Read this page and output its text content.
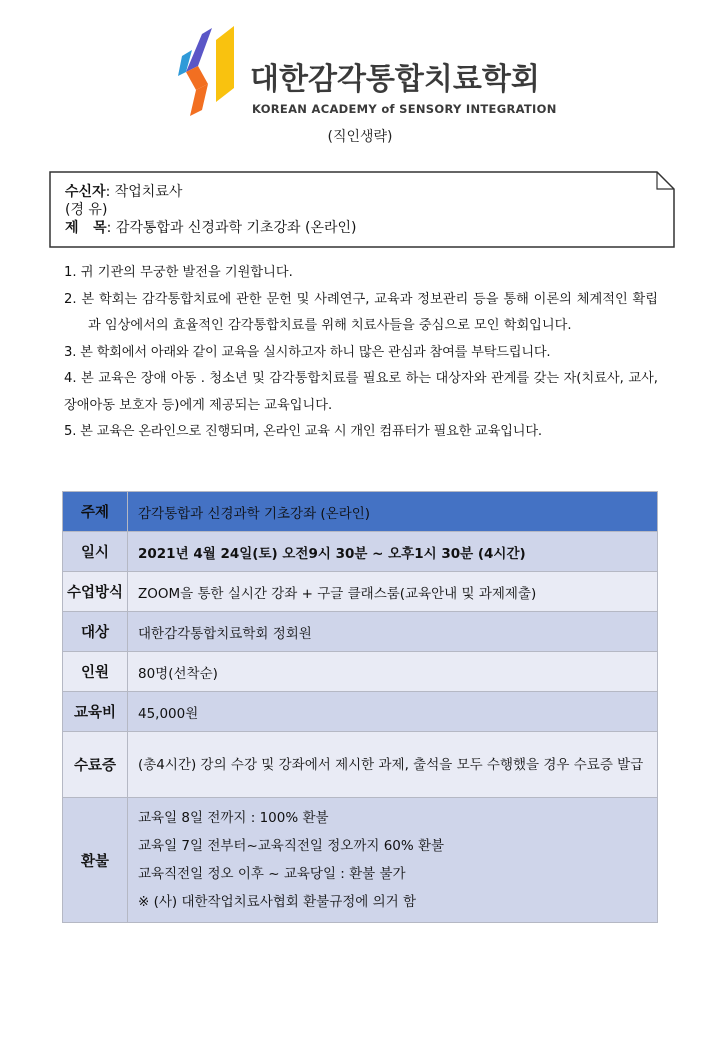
대한감각통합치료학회
KOREAN ACADEMY of SENSORY INTEGRATION
(직인생략)
수신자: 작업치료사
(경 유)
제   목: 감각통합과 신경과학 기초강좌 (온라인)

1. 귀 기관의 무궁한 발전을 기원합니다.

2. 본 학회는 감각통합치료에 관한 문헌 및 사례연구, 교육과 정보관리 등을 통해 이론의 체계적인 확립과 임상에서의 효율적인 감각통합치료를 위해 치료사들을 중심으로 모인 학회입니다.

3. 본 학회에서 아래와 같이 교육을 실시하고자 하니 많은 관심과 참여를 부탁드립니다.

4. 본 교육은 장애 아동 . 청소년 및 감각통합치료를 필요로 하는 대상자와 관계를 갖는 자(치료사, 교사, 장애아동 보호자 등)에게 제공되는 교육입니다.

5. 본 교육은 온라인으로 진행되며, 온라인 교육 시 개인 컴퓨터가 필요한 교육입니다.

주제	감각통합과 신경과학 기초강좌 (온라인)
일시	2021년 4월 24일(토) 오전9시 30분 ~ 오후1시 30분 (4시간)
수업방식	ZOOM을 통한 실시간 강좌 + 구글 클래스룸(교육안내 및 과제제출)
대상	대한감각통합치료학회 정회원
인원	80명(선착순)
교육비	45,000원
수료증	(총4시간) 강의 수강 및 강좌에서 제시한 과제, 출석을 모두 수행했을 경우 수료증 발급
환불	교육일 8일 전까지 : 100% 환불
교육일 7일 전부터~교육직전일 정오까지 60% 환불
교육직전일 정오 이후 ~ 교육당일 : 환불 불가
※ (사) 대한작업치료사협회 환불규정에 의거 함
